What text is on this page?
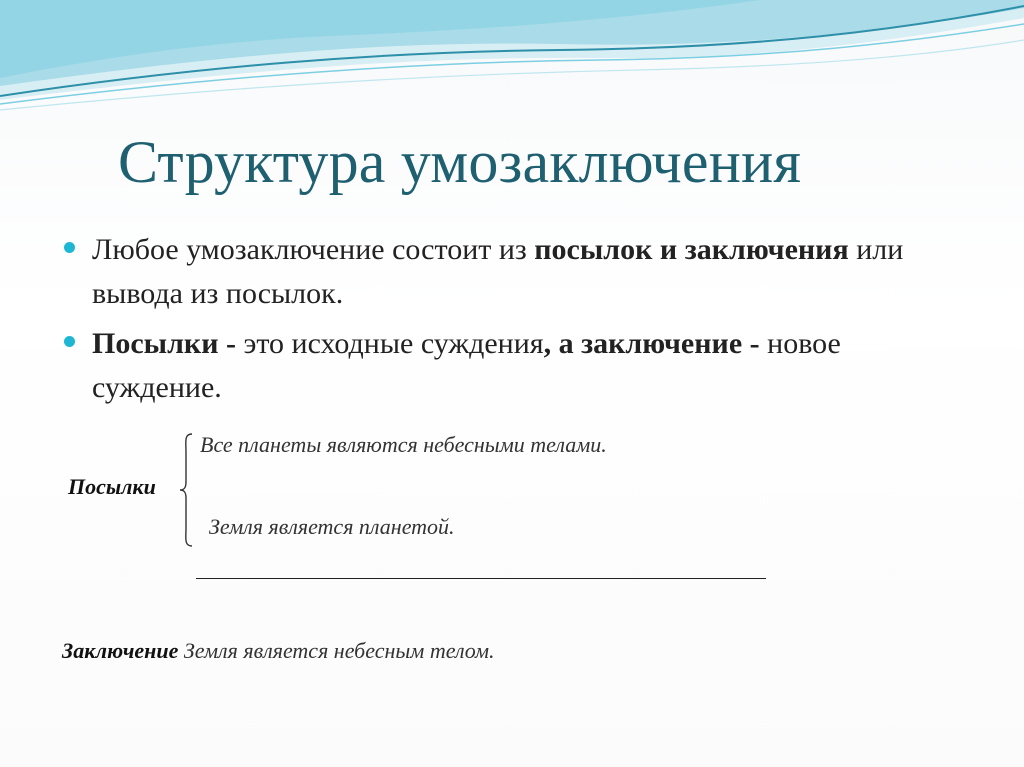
Структура умозаключения
Любое умозаключение состоит из посылок и заключения или вывода из посылок.
Посылки - это исходные суждения, а заключение - новое суждение.
Все планеты являются небесными телами.
Посылки
Земля является планетой.
Заключение Земля является небесным телом.
